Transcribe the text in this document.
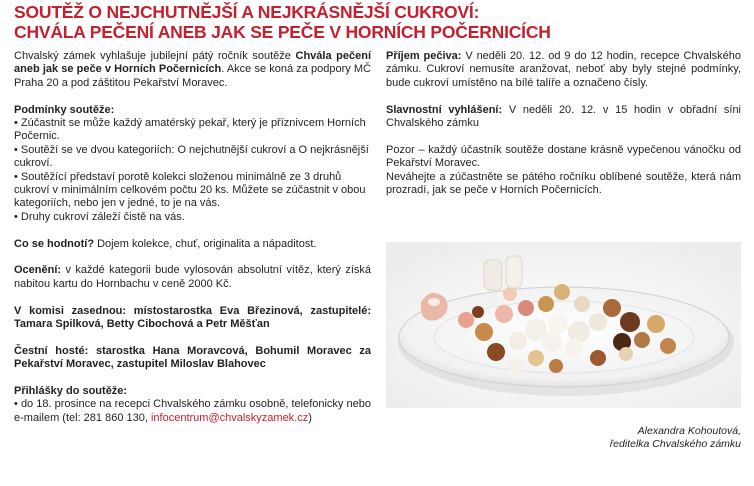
SOUTĚŽ O NEJCHUTNĚJŠÍ A NEJKRÁSNĚJŠÍ CUKROVÍ:
CHVÁLA PEČENÍ ANEB JAK SE PEČE V HORNÍCH POČERNICÍCH

Chvalský zámek vyhlašuje jubilejní pátý ročník soutěže Chvála pečení aneb jak se peče v Horních Počernicích. Akce se koná za podpory MČ Praha 20 a pod záštitou Pekařství Moravec.

Podmínky soutěže:
• Zúčastnit se může každý amatérský pekař, který je příznivcem Horních Počernic.
• Soutěží se ve dvou kategoriích: O nejchutnější cukroví a O nejkrásnější cukroví.
• Soutěžící představí porotě kolekci složenou minimálně ze 3 druhů cukroví v minimálním celkovém počtu 20 ks. Můžete se zúčastnit v obou kategoriích, nebo jen v jedné, to je na vás.
• Druhy cukroví záleží čistě na vás.

Co se hodnotí? Dojem kolekce, chuť, originalita a nápaditost.

Ocenění: v každé kategorii bude vylosován absolutní vítěz, který získá nabitou kartu do Hornbachu v ceně 2000 Kč.

V komisi zasednou: místostarostka Eva Březinová, zastupitelé: Tamara Spilková, Betty Cibochová a Petr Měšťan

Čestní hosté: starostka Hana Moravcová, Bohumil Moravec za Pekařství Moravec, zastupitel Miloslav Blahovec

Přihlášky do soutěže:
• do 18. prosince na recepci Chvalského zámku osobně, telefonicky nebo e-mailem (tel: 281 860 130, infocentrum@chvalskyzamek.cz)

Příjem pečiva: V neděli 20. 12. od 9 do 12 hodin, recepce Chvalského zámku. Cukroví nemusíte aranžovat, neboť aby byly stejné podmínky, bude cukroví umístěno na bílé talíře a označeno čísly.

Slavnostní vyhlášení: V neděli 20. 12. v 15 hodin v obřadní síni Chvalského zámku

Pozor – každý účastník soutěže dostane krásně vypečenou vánočku od Pekařství Moravec.
Neváhejte a zúčastněte se pátého ročníku oblíbené soutěže, která nám prozradí, jak se peče v Horních Počernicích.
Alexandra Kohoutová,
ředitelka Chvalského zámku
